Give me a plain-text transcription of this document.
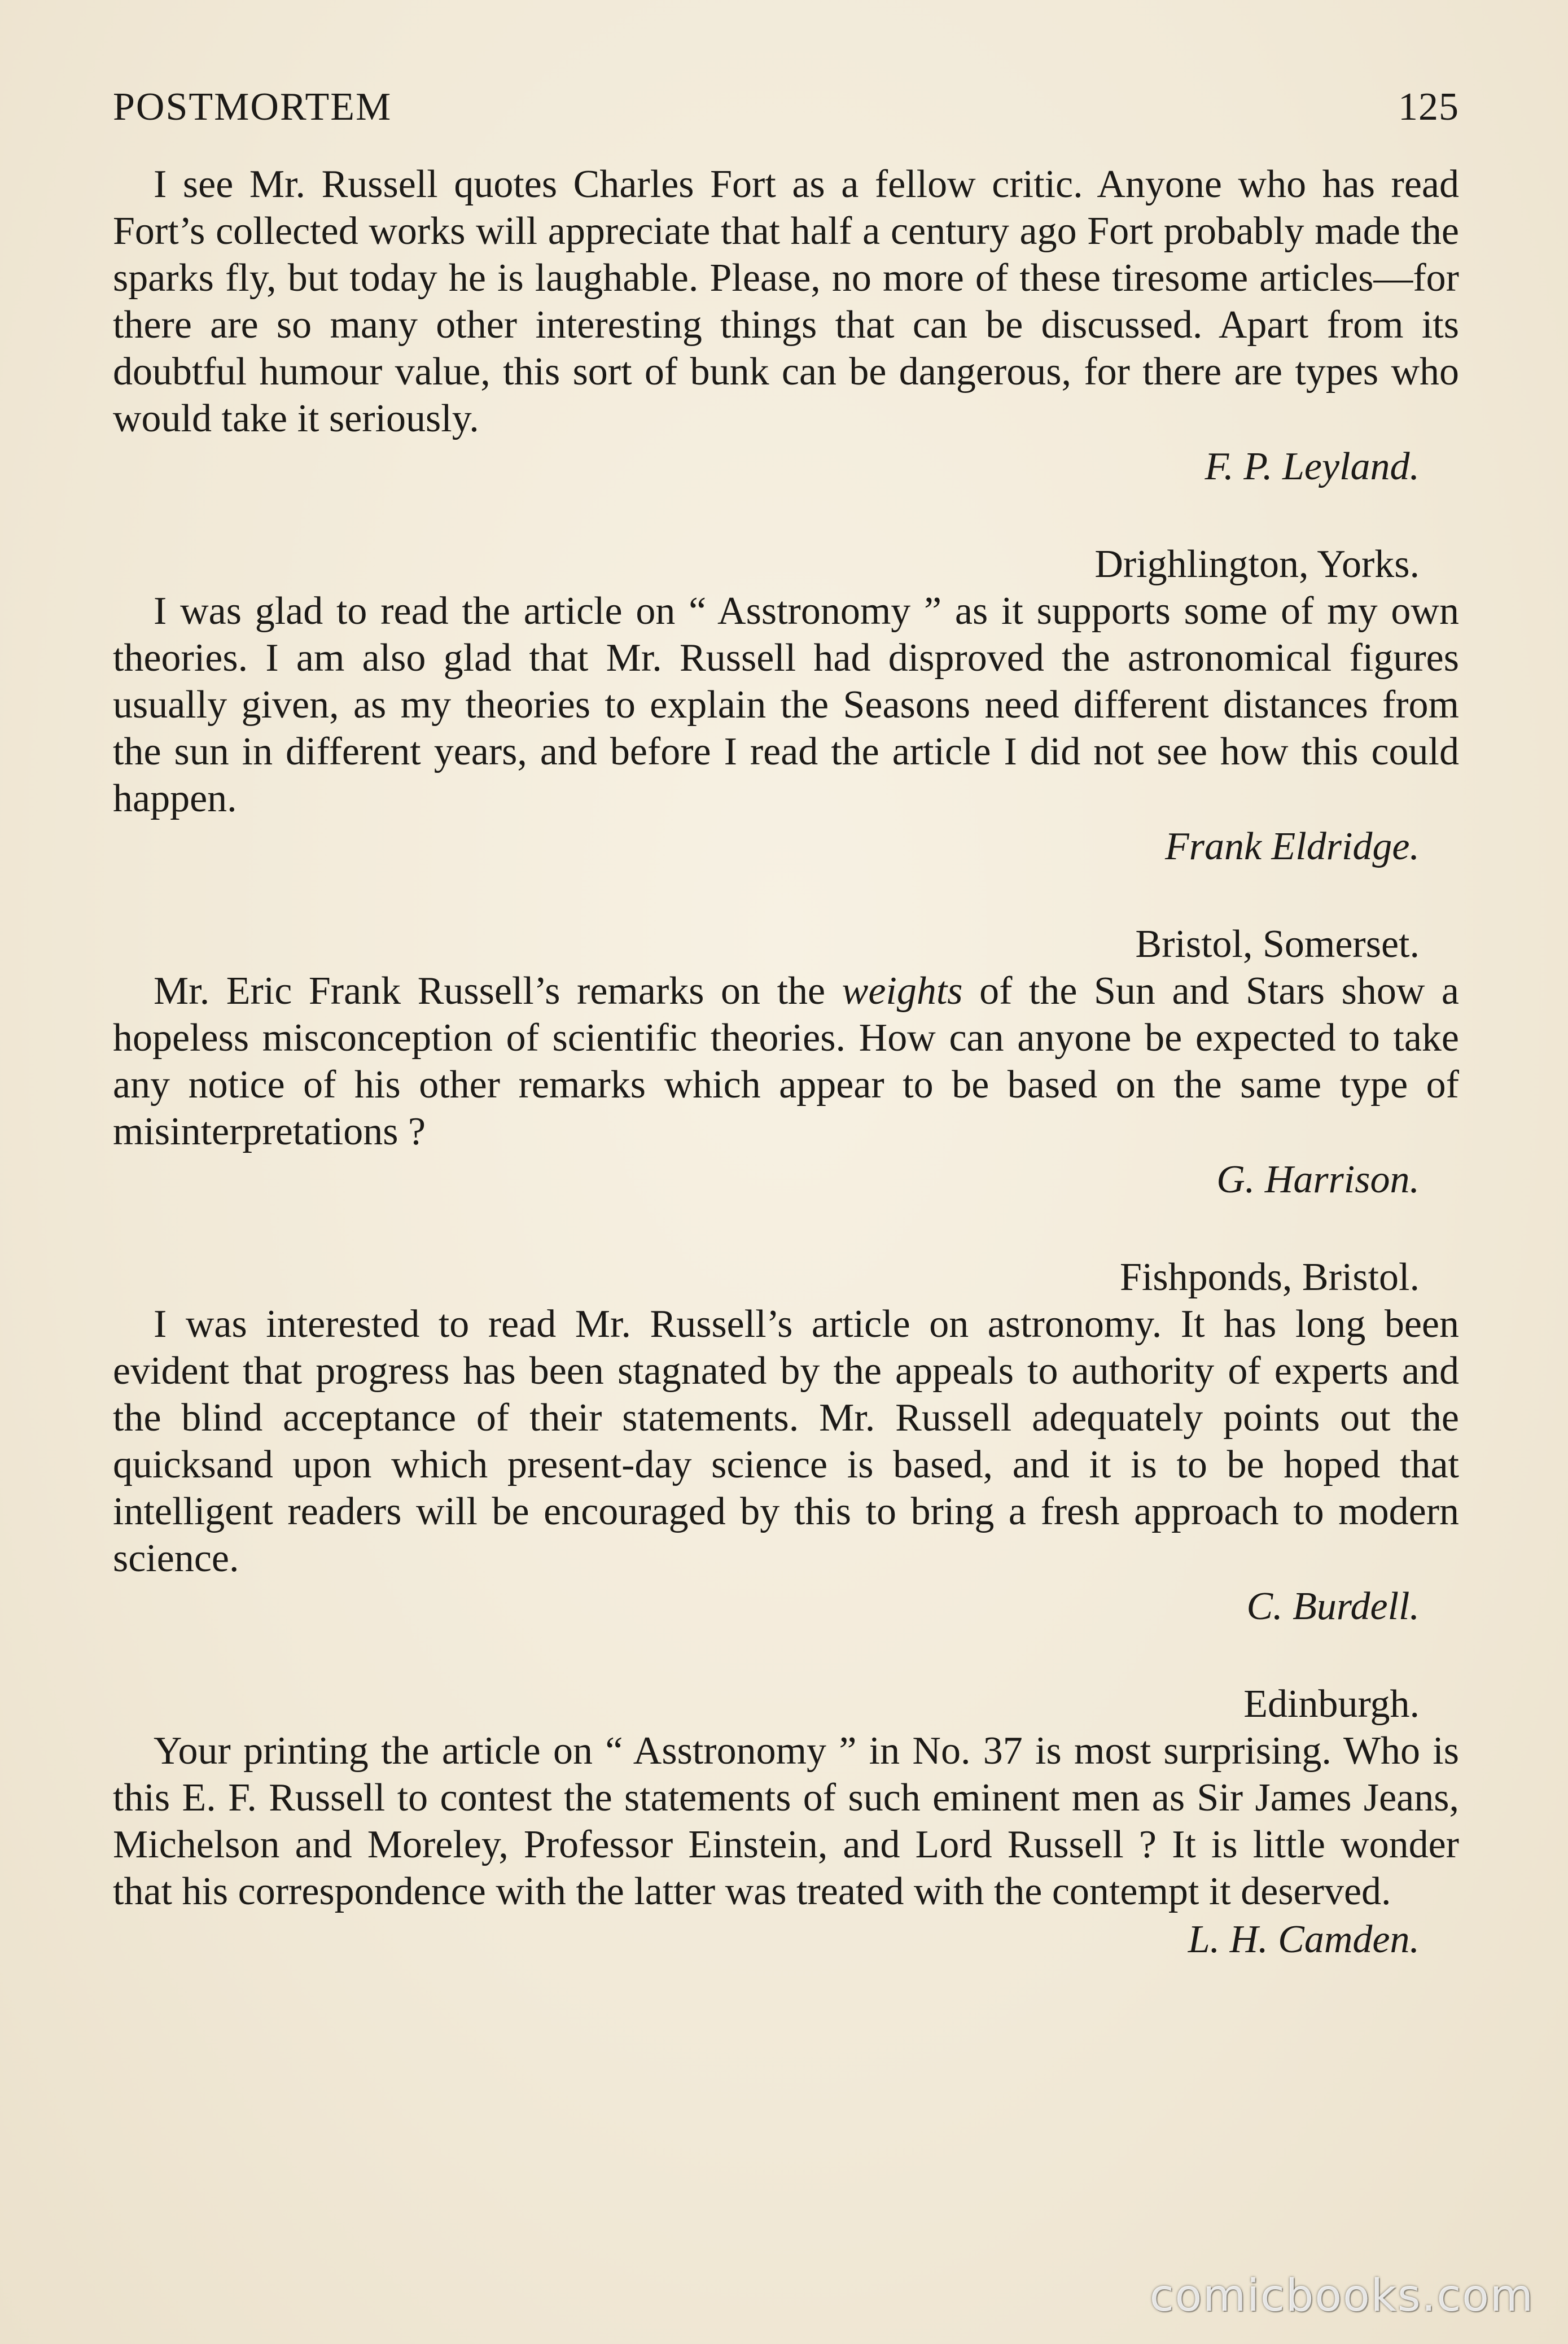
POSTMORTEM	125

I see Mr. Russell quotes Charles Fort as a fellow critic. Anyone who has read Fort’s collected works will appreciate that half a century ago Fort probably made the sparks fly, but today he is laughable. Please, no more of these tiresome articles—for there are so many other interesting things that can be discussed. Apart from its doubtful humour value, this sort of bunk can be dangerous, for there are types who would take it seriously.

F. P. Leyland.

Drighlington, Yorks.

I was glad to read the article on “ Asstronomy ” as it supports some of my own theories. I am also glad that Mr. Russell had disproved the astronomical figures usually given, as my theories to explain the Seasons need different distances from the sun in different years, and before I read the article I did not see how this could happen.

Frank Eldridge.

Bristol, Somerset.

Mr. Eric Frank Russell’s remarks on the weights of the Sun and Stars show a hopeless misconception of scientific theories. How can anyone be expected to take any notice of his other remarks which appear to be based on the same type of misinterpretations ?

G. Harrison.

Fishponds, Bristol.

I was interested to read Mr. Russell’s article on astronomy. It has long been evident that progress has been stagnated by the appeals to authority of experts and the blind acceptance of their statements. Mr. Russell adequately points out the quicksand upon which present-day science is based, and it is to be hoped that intelligent readers will be encouraged by this to bring a fresh approach to modern science.

C. Burdell.

Edinburgh.

Your printing the article on “ Asstronomy ” in No. 37 is most surprising. Who is this E. F. Russell to contest the statements of such eminent men as Sir James Jeans, Michelson and Moreley, Professor Einstein, and Lord Russell ? It is little wonder that his correspondence with the latter was treated with the contempt it deserved.

L. H. Camden.

comicbooks.com
